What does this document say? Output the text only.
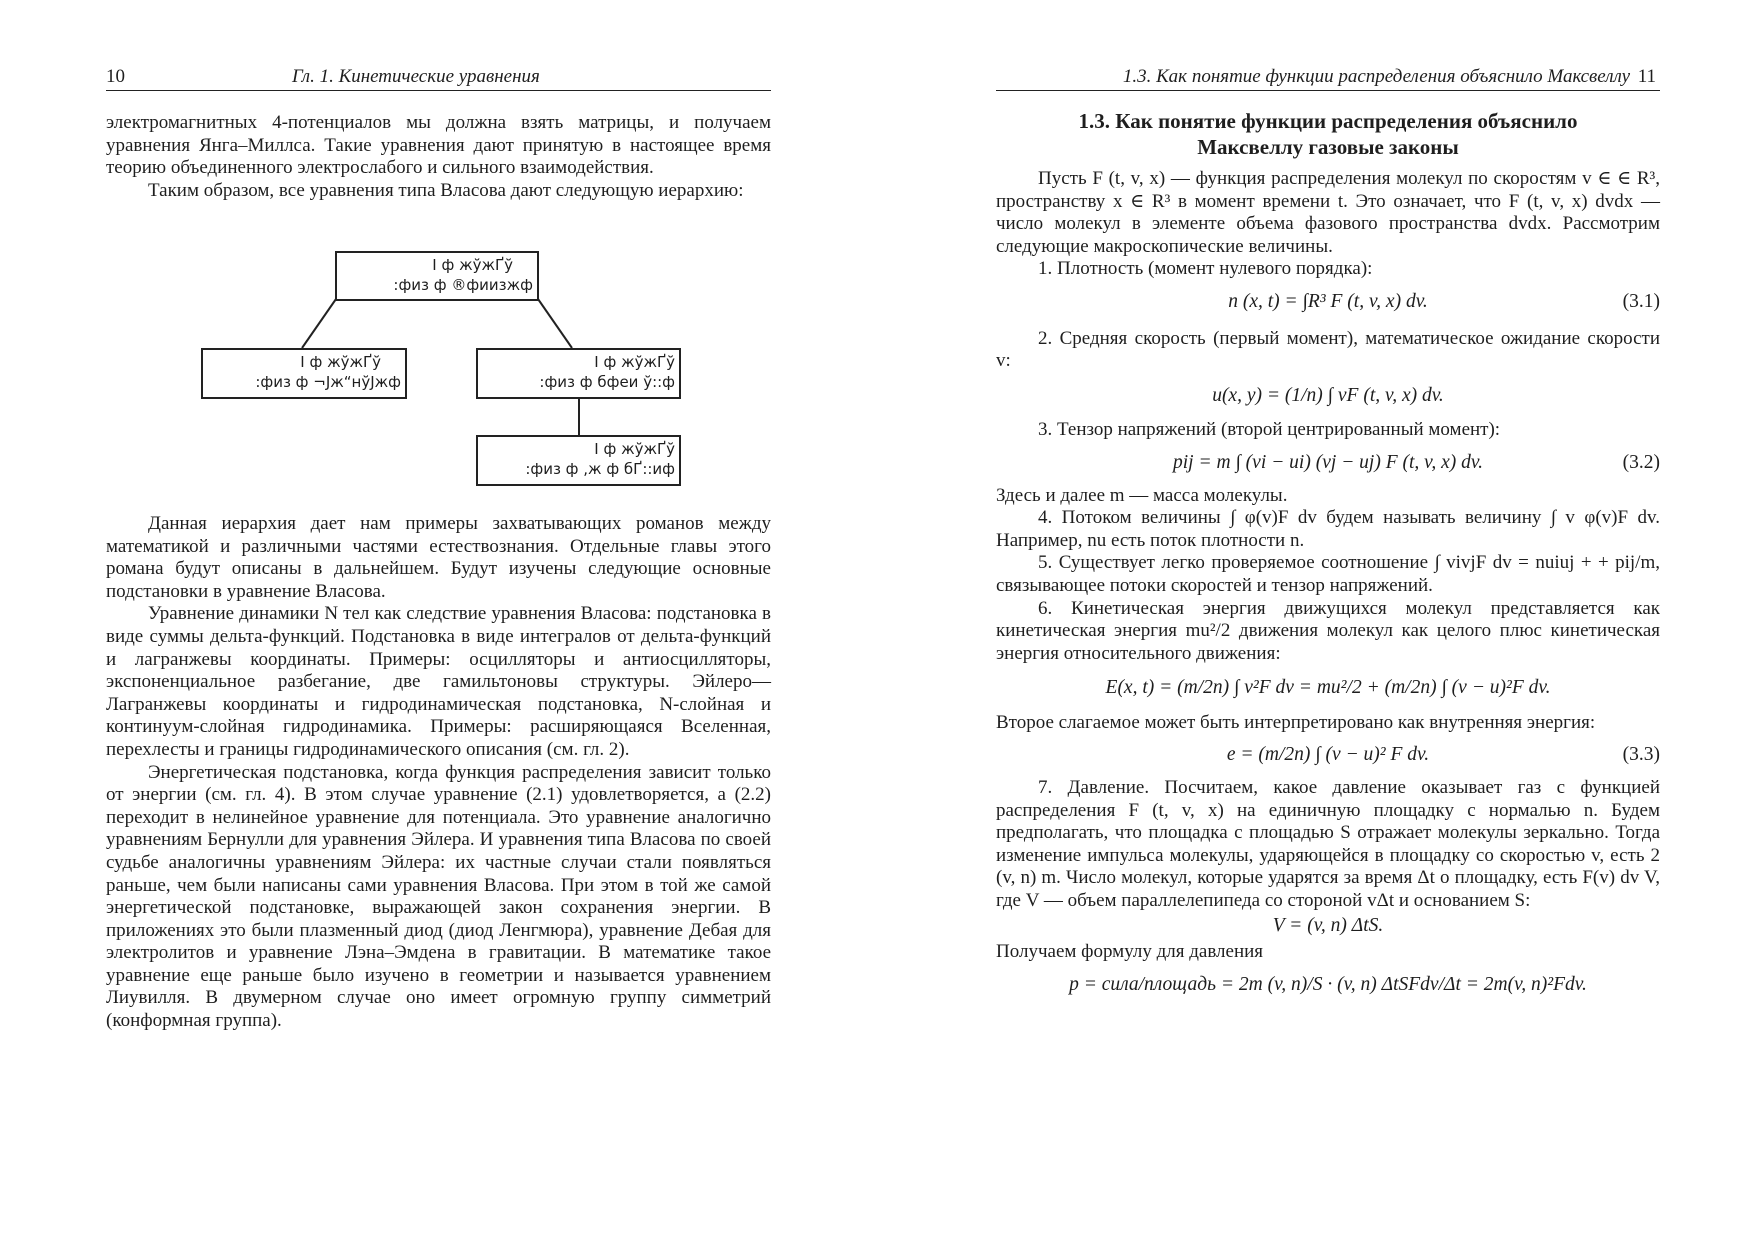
10	Гл. 1. Кинетические уравнения

электромагнитных 4-потенциалов мы должна взять матрицы, и получаем уравнения Янга–Миллса. Такие уравнения дают принятую в настоящее время теорию объединенного электрослабого и сильного взаимодействия.

Таким образом, все уравнения типа Власова дают следующую иерархию:

I ф жўжҐў
:физ ф ®фиизжф
I ф жўжҐў
:физ ф ¬Jж“нўJжф
I ф жўжҐў
:физ ф бфеи ў::ф
I ф жўжҐў
:физ ф ,ж ф бҐ::иф

Данная иерархия дает нам примеры захватывающих романов между математикой и различными частями естествознания. Отдельные главы этого романа будут описаны в дальнейшем. Будут изучены следующие основные подстановки в уравнение Власова.

Уравнение динамики N тел как следствие уравнения Власова: подстановка в виде суммы дельта-функций. Подстановка в виде интегралов от дельта-функций и лагранжевы координаты. Примеры: осцилляторы и антиосцилляторы, экспоненциальное разбегание, две гамильтоновы структуры. Эйлеро—Лагранжевы координаты и гидродинамическая подстановка, N-слойная и континуум-слойная гидродинамика. Примеры: расширяющаяся Вселенная, перехлесты и границы гидродинамического описания (см. гл. 2).

Энергетическая подстановка, когда функция распределения зависит только от энергии (см. гл. 4). В этом случае уравнение (2.1) удовлетворяется, а (2.2) переходит в нелинейное уравнение для потенциала. Это уравнение аналогично уравнениям Бернулли для уравнения Эйлера. И уравнения типа Власова по своей судьбе аналогичны уравнениям Эйлера: их частные случаи стали появляться раньше, чем были написаны сами уравнения Власова. При этом в той же самой энергетической подстановке, выражающей закон сохранения энергии. В приложениях это были плазменный диод (диод Ленгмюра), уравнение Дебая для электролитов и уравнение Лэна–Эмдена в гравитации. В математике такое уравнение еще раньше было изучено в геометрии и называется уравнением Лиувилля. В двумерном случае оно имеет огромную группу симметрий (конформная группа).

1.3. Как понятие функции распределения объяснило Максвеллу 11
1.3. Как понятие функции распределения объяснило
Максвеллу газовые законы

Пусть F (t, v, x) — функция распределения молекул по скоростям v ∈ ∈ R³, пространству x ∈ R³ в момент времени t. Это означает, что F (t, v, x) dvdx — число молекул в элементе объема фазового пространства dvdx. Рассмотрим следующие макроскопические величины.

1. Плотность (момент нулевого порядка):

n (x, t) = ∫R³ F (t, v, x) dv.	(3.1)

2. Средняя скорость (первый момент), математическое ожидание скорости v:

u(x, y) = (1/n) ∫ vF (t, v, x) dv.

3. Тензор напряжений (второй центрированный момент):

pij = m ∫ (vi − ui) (vj − uj) F (t, v, x) dv.	(3.2)

Здесь и далее m — масса молекулы.

4. Потоком величины ∫ φ(v)F dv будем называть величину ∫ v φ(v)F dv. Например, nu есть поток плотности n.

5. Существует легко проверяемое соотношение ∫ vivjF dv = nuiuj + + pij/m, связывающее потоки скоростей и тензор напряжений.

6. Кинетическая энергия движущихся молекул представляется как кинетическая энергия mu²/2 движения молекул как целого плюс кинетическая энергия относительного движения:

E(x, t) = (m/2n) ∫ v²F dv = mu²/2 + (m/2n) ∫ (v − u)²F dv.

Второе слагаемое может быть интерпретировано как внутренняя энергия:

e = (m/2n) ∫ (v − u)² F dv.	(3.3)

7. Давление. Посчитаем, какое давление оказывает газ с функцией распределения F (t, v, x) на единичную площадку с нормалью n. Будем предполагать, что площадка с площадью S отражает молекулы зеркально. Тогда изменение импульса молекулы, ударяющейся в площадку со скоростью v, есть 2 (v, n) m. Число молекул, которые ударятся за время Δt о площадку, есть F(v) dv V, где V — объем параллелепипеда со стороной vΔt и основанием S:

V = (v, n) ΔtS.

Получаем формулу для давления

p = сила/площадь = 2m (v, n)/S · (v, n) ΔtSFdv/Δt = 2m(v, n)²Fdv.
